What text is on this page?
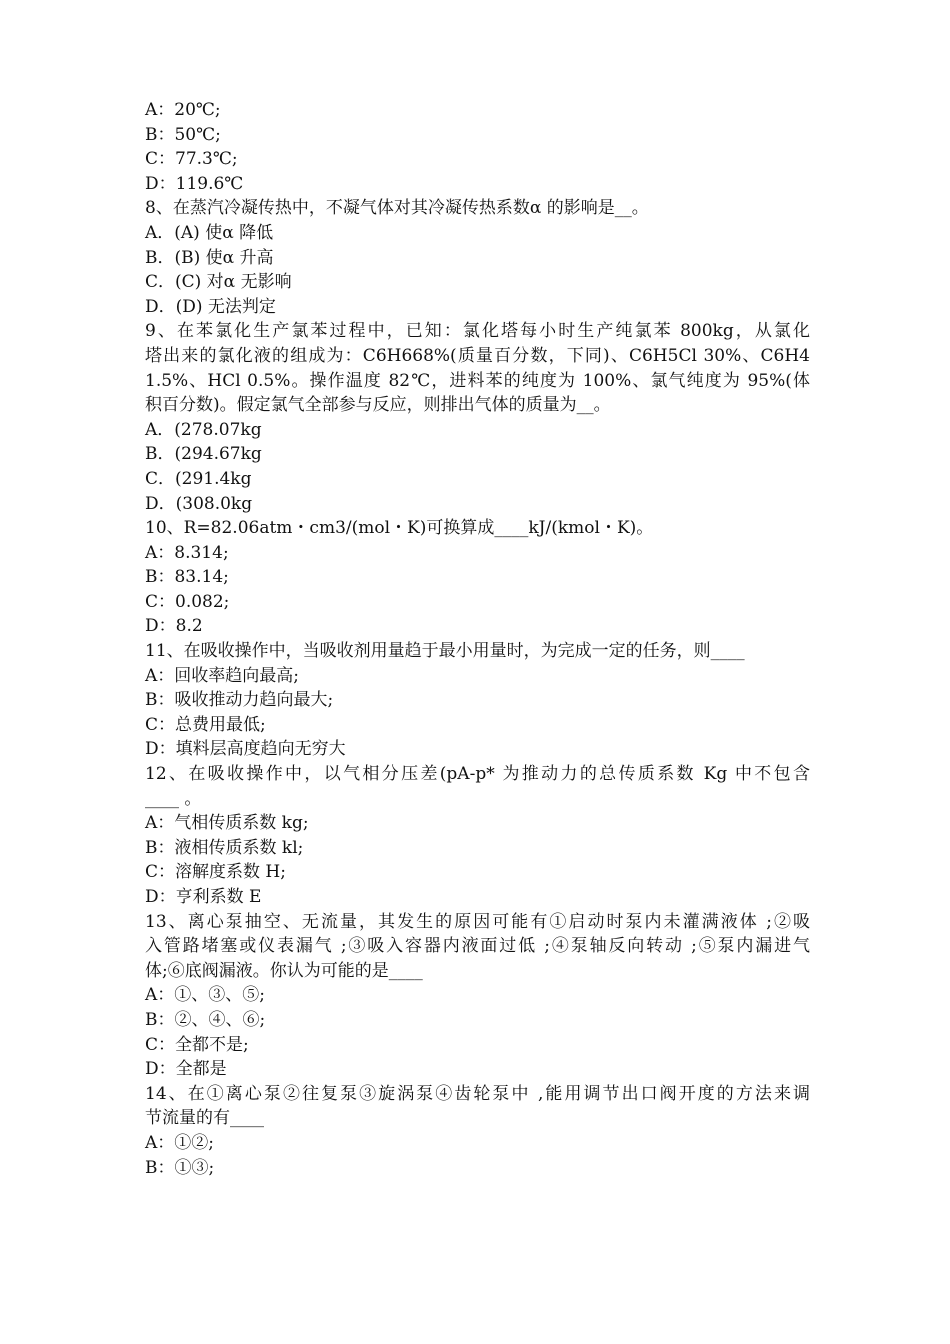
A：20℃;
B：50℃;
C：77.3℃;
D：119.6℃
8、在蒸汽冷凝传热中，不凝气体对其冷凝传热系数α 的影响是__。
A．(A) 使α 降低
B．(B) 使α 升高
C．(C) 对α 无影响
D．(D) 无法判定
9、在苯氯化生产氯苯过程中，已知：氯化塔每小时生产纯氯苯 800kg，从氯化
塔出来的氯化液的组成为：C6H668%(质量百分数，下同)、C6H5Cl 30%、C6H4
1.5%、HCl 0.5%。操作温度 82℃，进料苯的纯度为 100%、氯气纯度为 95%(体
积百分数)。假定氯气全部参与反应，则排出气体的质量为__。
A．(278.07kg
B．(294.67kg
C．(291.4kg
D．(308.0kg
10、R=82.06atm・cm3/(mol・K)可换算成____kJ/(kmol・K)。
A：8.314;
B：83.14;
C：0.082;
D：8.2
11、在吸收操作中，当吸收剂用量趋于最小用量时，为完成一定的任务，则____
A：回收率趋向最高;
B：吸收推动力趋向最大;
C：总费用最低;
D：填料层高度趋向无穷大
12、在吸收操作中，以气相分压差(pA-p* 为推动力的总传质系数 Kg 中不包含
____ 。
A：气相传质系数 kg;
B：液相传质系数 kl;
C：溶解度系数 H;
D：亨利系数 E
13、离心泵抽空、无流量，其发生的原因可能有①启动时泵内未灌满液体 ;②吸
入管路堵塞或仪表漏气 ;③吸入容器内液面过低 ;④泵轴反向转动 ;⑤泵内漏进气
体;⑥底阀漏液。你认为可能的是____
A：①、③、⑤;
B：②、④、⑥;
C：全都不是;
D：全都是
14、在①离心泵②往复泵③旋涡泵④齿轮泵中 ,能用调节出口阀开度的方法来调
节流量的有____
A：①②;
B：①③;
